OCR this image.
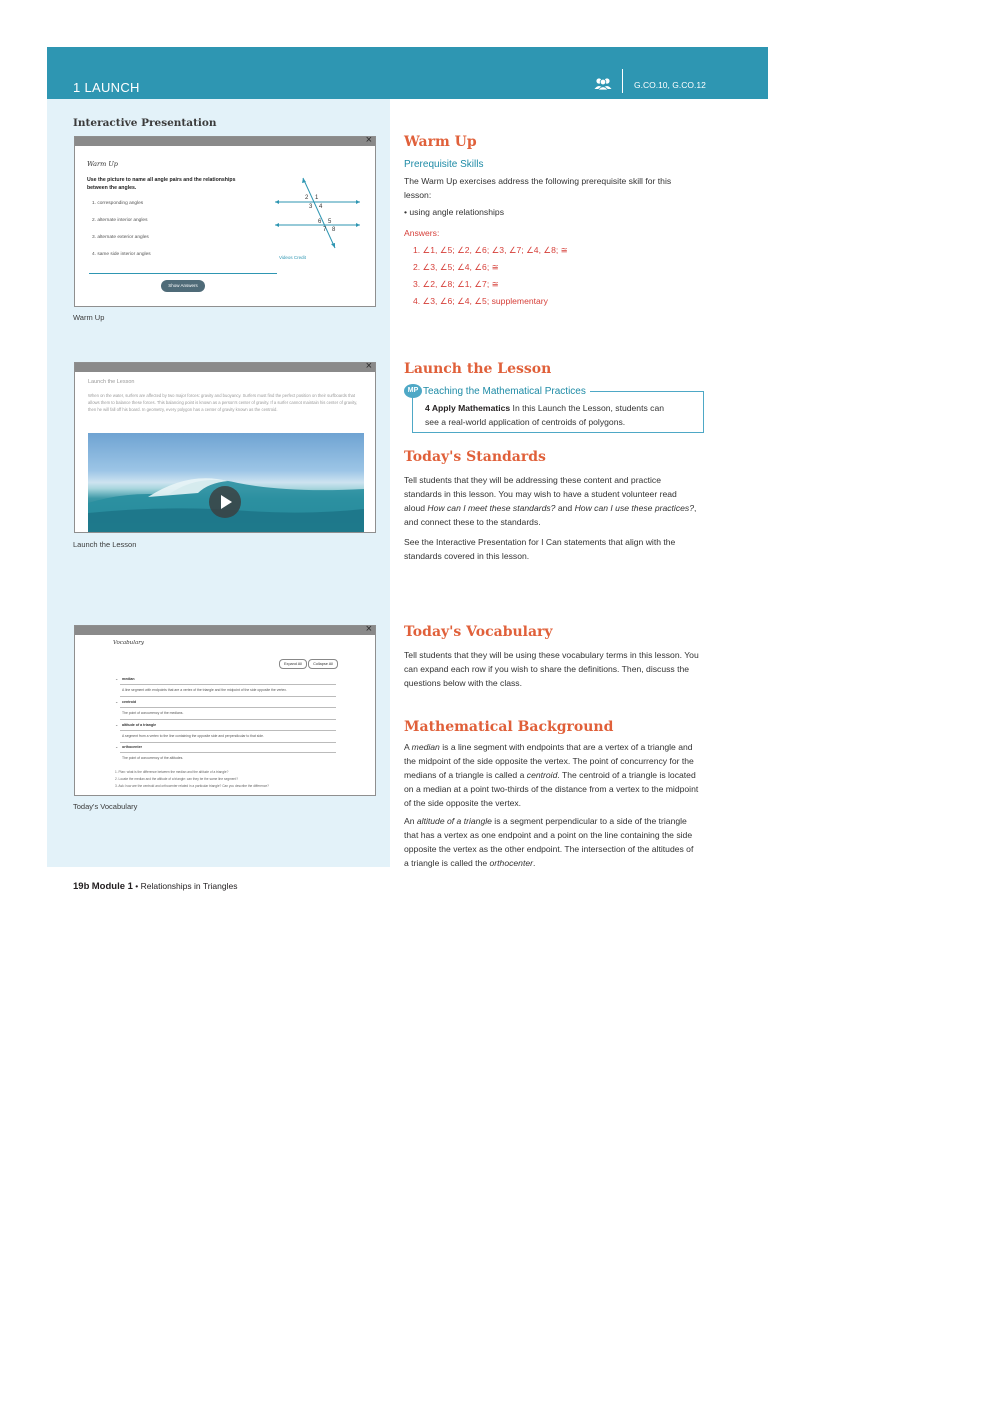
1 LAUNCH	G.CO.10, G.CO.12
Interactive Presentation
×
Warm Up
Use the picture to name all angle pairs and the relationships between the angles.
1. corresponding angles
2. alternate interior angles
3. alternate exterior angles
4. same side interior angles
2 1
3 4
6 5
7 8
Videos Credit
Show Answers
Warm Up
×
Launch the Lesson
When on the water, surfers are affected by two major forces: gravity and buoyancy. Surfers must find the perfect position on their surfboards that allows them to balance these forces. This balancing point is known as a person's center of gravity. If a surfer cannot maintain his center of gravity, then he will fall off his board. In geometry, every polygon has a center of gravity known as the centroid.
Launch the Lesson
×
Vocabulary
Expand All	Collapse All
⌄ median
A line segment with endpoints that are a vertex of the triangle and the midpoint of the side opposite the vertex.
⌄ centroid
The point of concurrency of the medians.
⌄ altitude of a triangle
A segment from a vertex to the line containing the opposite side and perpendicular to that side.
⌄ orthocenter
The point of concurrency of the altitudes.
1. Plan: what is the difference between the median and the altitude of a triangle?
2. Locate the median and the altitude of a triangle: can they be the same line segment?
3. Ask: how are the centroid and orthocenter related in a particular triangle? Can you describe the difference?
Today's Vocabulary
Warm Up
Prerequisite Skills
The Warm Up exercises address the following prerequisite skill for this lesson:
• using angle relationships
Answers:
1. ∠1, ∠5; ∠2, ∠6; ∠3, ∠7; ∠4, ∠8; ≅
2. ∠3, ∠5; ∠4, ∠6; ≅
3. ∠2, ∠8; ∠1, ∠7; ≅
4. ∠3, ∠6; ∠4, ∠5; supplementary
Launch the Lesson
Teaching the Mathematical Practices
MP
4 Apply Mathematics In this Launch the Lesson, students can
see a real-world application of centroids of polygons.
Today's Standards
Tell students that they will be addressing these content and practice standards in this lesson. You may wish to have a student volunteer read aloud How can I meet these standards? and How can I use these practices?, and connect these to the standards.
See the Interactive Presentation for I Can statements that align with the standards covered in this lesson.
Today's Vocabulary
Tell students that they will be using these vocabulary terms in this lesson. You can expand each row if you wish to share the definitions. Then, discuss the questions below with the class.
Mathematical Background
A median is a line segment with endpoints that are a vertex of a triangle and the midpoint of the side opposite the vertex. The point of concurrency for the medians of a triangle is called a centroid. The centroid of a triangle is located on a median at a point two-thirds of the distance from a vertex to the midpoint of the side opposite the vertex.
An altitude of a triangle is a segment perpendicular to a side of the triangle that has a vertex as one endpoint and a point on the line containing the side opposite the vertex as the other endpoint. The intersection of the altitudes of a triangle is called the orthocenter.
19b Module 1 • Relationships in Triangles
